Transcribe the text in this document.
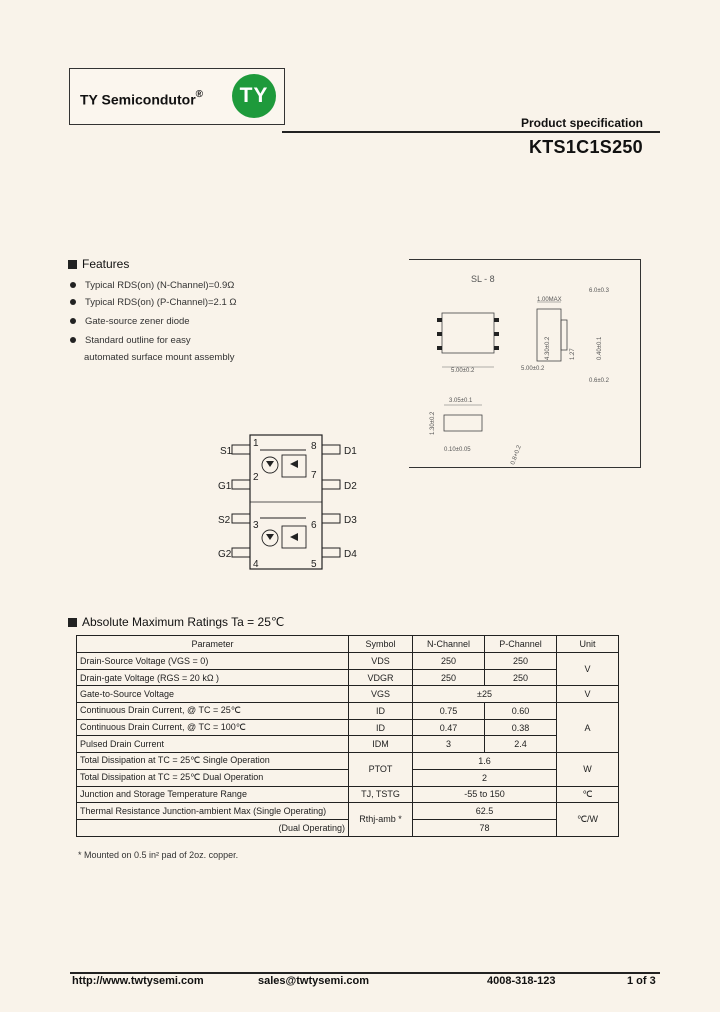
TY Semicondutor®	TY
Product specification
KTS1C1S250
Features
Typical RDS(on) (N-Channel)=0.9Ω
Typical RDS(on) (P-Channel)=2.1 Ω
Gate-source zener diode
Standard outline for easy
automated surface mount assembly
SL - 8
5.00±0.2
1.00MAX
5.00±0.2
6.0±0.3
0.6±0.2
4.30±0.2	1.27	0.40±0.1
3.05±0.1
0.10±0.05
1.30±0.2
0.8+0.2
S1
G1
S2
G2
D1
D2
D3
D4
1
2
3
4	5
6
7
8
Absolute Maximum Ratings Ta = 25℃
Parameter	Symbol	N-Channel	P-Channel	Unit
Drain-Source Voltage (VGS = 0)	VDS	250	250	V
Drain-gate Voltage (RGS = 20 kΩ )	VDGR	250	250	
Gate-to-Source Voltage	VGS	±25		V
Continuous Drain Current, @ TC = 25℃	ID	0.75	0.60	A
Continuous Drain Current, @ TC = 100℃	ID	0.47	0.38	
Pulsed Drain Current	IDM	3	2.4	
Total Dissipation at TC = 25℃ Single Operation	PTOT	1.6		W
Total Dissipation at TC = 25℃ Dual Operation		2		
Junction and Storage Temperature Range	TJ, TSTG	-55 to 150		℃
Thermal Resistance Junction-ambient Max (Single Operating)	Rthj-amb *	62.5		℃/W
(Dual Operating)		78		
* Mounted on 0.5 in² pad of 2oz. copper.
http://www.twtysemi.com	sales@twtysemi.com	4008-318-123	1 of 3
